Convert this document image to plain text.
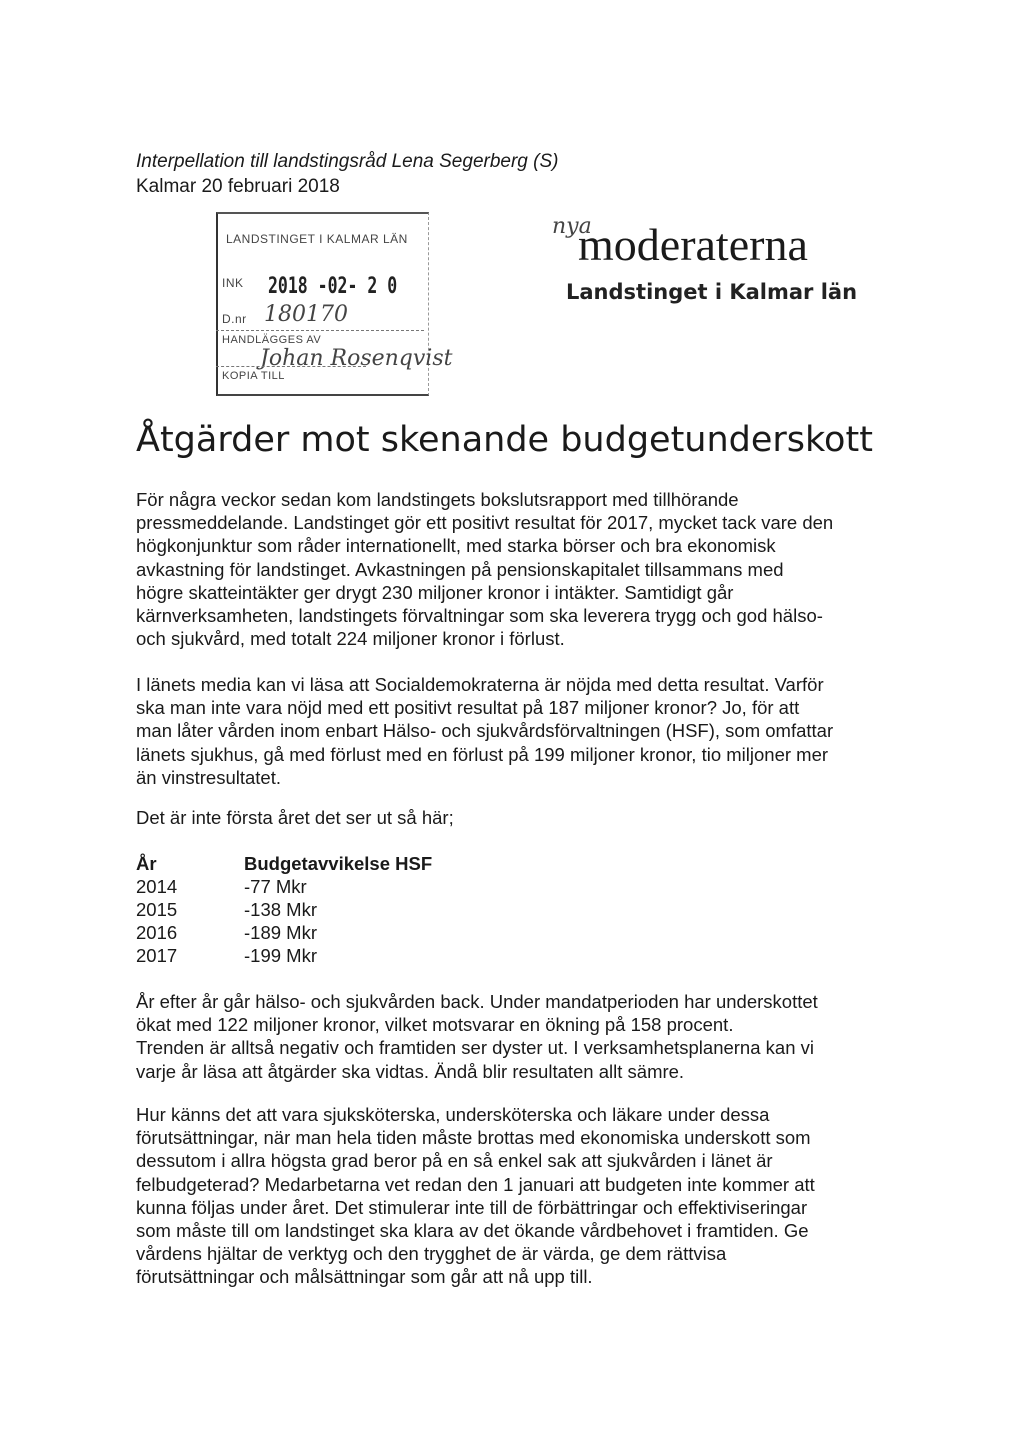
Interpellation till landstingsråd Lena Segerberg (S)
Kalmar 20 februari 2018
LANDSTINGET I KALMAR LÄN
INK 2018 -02- 2 0
D.nr 180170
HANDLÄGGES AV
Johan Rosenqvist
KOPIA TILL
nya
moderaterna
Landstinget i Kalmar län
Åtgärder mot skenande budgetunderskott
För några veckor sedan kom landstingets bokslutsrapport med tillhörande
pressmeddelande. Landstinget gör ett positivt resultat för 2017, mycket tack vare den
högkonjunktur som råder internationellt, med starka börser och bra ekonomisk
avkastning för landstinget. Avkastningen på pensionskapitalet tillsammans med
högre skatteintäkter ger drygt 230 miljoner kronor i intäkter. Samtidigt går
kärnverksamheten, landstingets förvaltningar som ska leverera trygg och god hälso-
och sjukvård, med totalt 224 miljoner kronor i förlust.
I länets media kan vi läsa att Socialdemokraterna är nöjda med detta resultat. Varför
ska man inte vara nöjd med ett positivt resultat på 187 miljoner kronor? Jo, för att
man låter vården inom enbart Hälso- och sjukvårdsförvaltningen (HSF), som omfattar
länets sjukhus, gå med förlust med en förlust på 199 miljoner kronor, tio miljoner mer
än vinstresultatet.
Det är inte första året det ser ut så här;
År	Budgetavvikelse HSF
2014	-77 Mkr
2015	-138 Mkr
2016	-189 Mkr
2017	-199 Mkr
År efter år går hälso- och sjukvården back. Under mandatperioden har underskottet
ökat med 122 miljoner kronor, vilket motsvarar en ökning på 158 procent.
Trenden är alltså negativ och framtiden ser dyster ut. I verksamhetsplanerna kan vi
varje år läsa att åtgärder ska vidtas. Ändå blir resultaten allt sämre.
Hur känns det att vara sjuksköterska, undersköterska och läkare under dessa
förutsättningar, när man hela tiden måste brottas med ekonomiska underskott som
dessutom i allra högsta grad beror på en så enkel sak att sjukvården i länet är
felbudgeterad? Medarbetarna vet redan den 1 januari att budgeten inte kommer att
kunna följas under året. Det stimulerar inte till de förbättringar och effektiviseringar
som måste till om landstinget ska klara av det ökande vårdbehovet i framtiden. Ge
vårdens hjältar de verktyg och den trygghet de är värda, ge dem rättvisa
förutsättningar och målsättningar som går att nå upp till.
